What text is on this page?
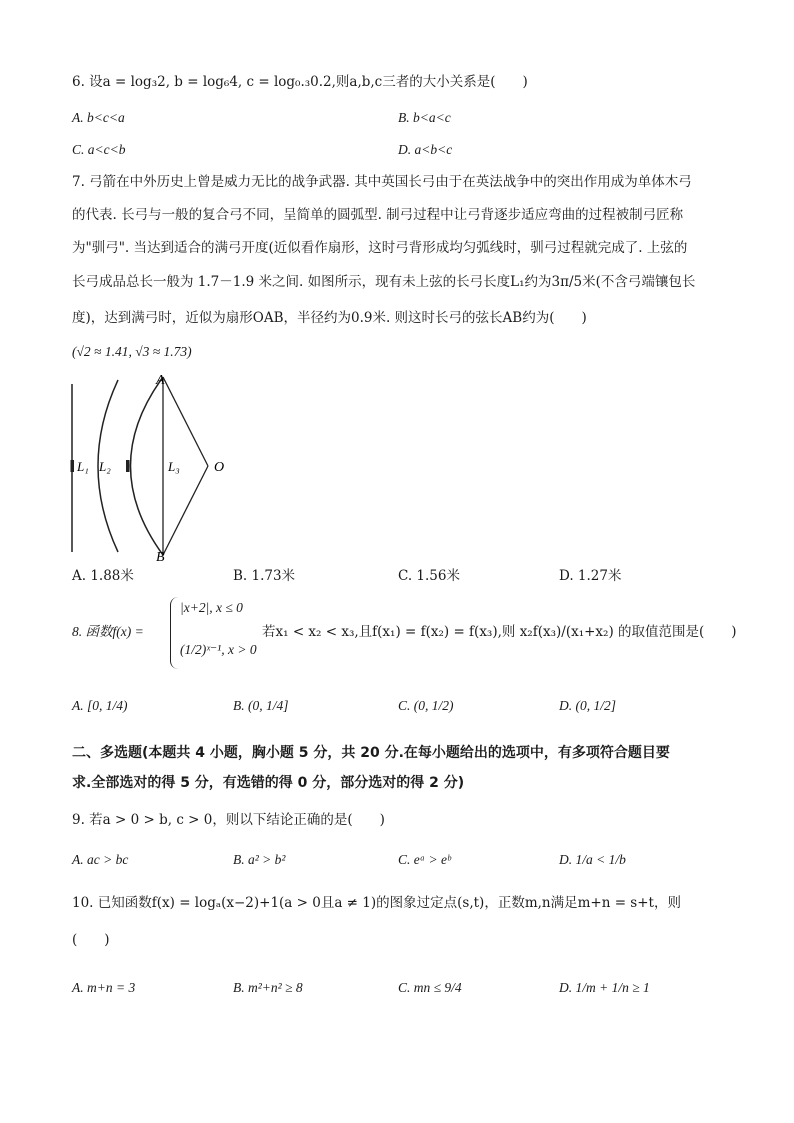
6. 设a = log₃2, b = log₆4, c = log₀.₃0.2,则a,b,c三者的大小关系是(　　)
A. b<c<a	B. b<a<c
C. a<c<b	D. a<b<c
7. 弓箭在中外历史上曾是威力无比的战争武器. 其中英国长弓由于在英法战争中的突出作用成为单体木弓
的代表. 长弓与一般的复合弓不同，呈简单的圆弧型. 制弓过程中让弓背逐步适应弯曲的过程被制弓匠称
为"驯弓". 当达到适合的满弓开度(近似看作扇形，这时弓背形成均匀弧线时，驯弓过程就完成了. 上弦的
长弓成品总长一般为 1.7－1.9 米之间. 如图所示，现有未上弦的长弓长度L₁约为3π/5米(不含弓端镶包长
度)，达到满弓时，近似为扇形OAB，半径约为0.9米. 则这时长弓的弦长AB约为(　　)
(√2 ≈ 1.41, √3 ≈ 1.73)
A
B
O
L₁ L₂	L₃
A. 1.88米	B. 1.73米	C. 1.56米	D. 1.27米
8. 函数f(x) =
|x+2|, x ≤ 0
(1/2)ˣ⁻¹, x > 0
若x₁ < x₂ < x₃,且f(x₁) = f(x₂) = f(x₃),则 x₂f(x₃)/(x₁+x₂) 的取值范围是(　　)
A. [0, 1/4)	B. (0, 1/4]	C. (0, 1/2)	D. (0, 1/2]
二、多选题(本题共 4 小题，胸小题 5 分，共 20 分.在每小题给出的选项中，有多项符合题目要
求.全部选对的得 5 分，有选错的得 0 分，部分选对的得 2 分)
9. 若a > 0 > b, c > 0，则以下结论正确的是(　　)
A. ac > bc	B. a² > b²	C. eᵃ > eᵇ	D. 1/a < 1/b
10. 已知函数f(x) = logₐ(x−2)+1(a > 0且a ≠ 1)的图象过定点(s,t)，正数m,n满足m+n = s+t，则
(　　)
A. m+n = 3	B. m²+n² ≥ 8	C. mn ≤ 9/4	D. 1/m + 1/n ≥ 1
